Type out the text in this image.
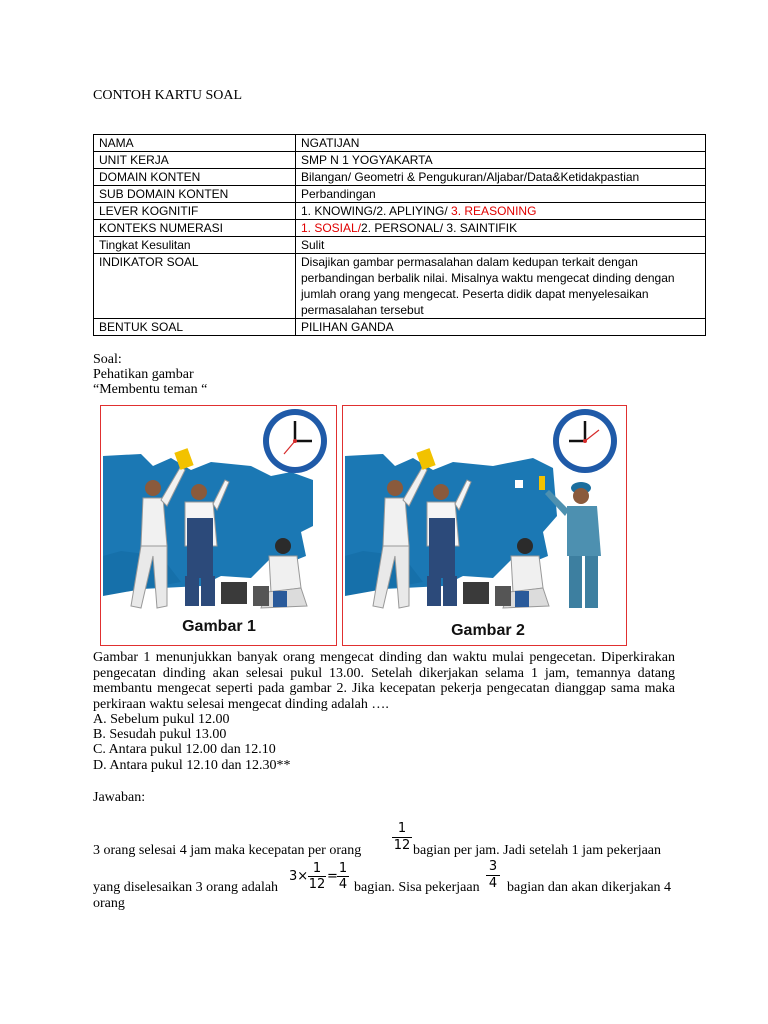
CONTOH KARTU SOAL
NAMA	NGATIJAN
UNIT KERJA	SMP N 1 YOGYAKARTA
DOMAIN KONTEN	Bilangan/ Geometri & Pengukuran/Aljabar/Data&Ketidakpastian
SUB DOMAIN KONTEN	Perbandingan
LEVER KOGNITIF	1. KNOWING/2. APLIYING/ 3. REASONING
KONTEKS NUMERASI	1. SOSIAL/2. PERSONAL/ 3. SAINTIFIK
Tingkat Kesulitan	Sulit
INDIKATOR SOAL	Disajikan gambar permasalahan dalam kedupan terkait dengan perbandingan berbalik nilai. Misalnya waktu mengecat dinding dengan jumlah orang yang mengecat. Peserta didik dapat menyelesaikan permasalahan tersebut
BENTUK SOAL	PILIHAN GANDA
Soal:
Pehatikan gambar
“Membentu teman “
Gambar 1	Gambar 2
Gambar 1 menunjukkan banyak orang mengecat dinding dan waktu mulai pengecetan. Diperkirakan pengecatan dinding akan selesai pukul 13.00. Setelah dikerjakan selama 1 jam, temannya datang membantu mengecat seperti pada gambar 2. Jika kecepatan pekerja pengecatan dianggap sama maka perkiraan waktu selesai mengecat dinding adalah ….
A. Sebelum pukul 12.00
B. Sesudah pukul 13.00
C. Antara pukul 12.00 dan 12.10
D. Antara pukul 12.10 dan 12.30**
Jawaban:
3 orang selesai 4 jam maka kecepatan per orang $\frac{1}{12}$ bagian per jam. Jadi setelah 1 jam pekerjaan
yang diselesaikan 3 orang adalah
3×
1
12
=
1
4 bagian. Sisa pekerjaan $\frac{3}{4}$ bagian dan akan dikerjakan 4
orang
